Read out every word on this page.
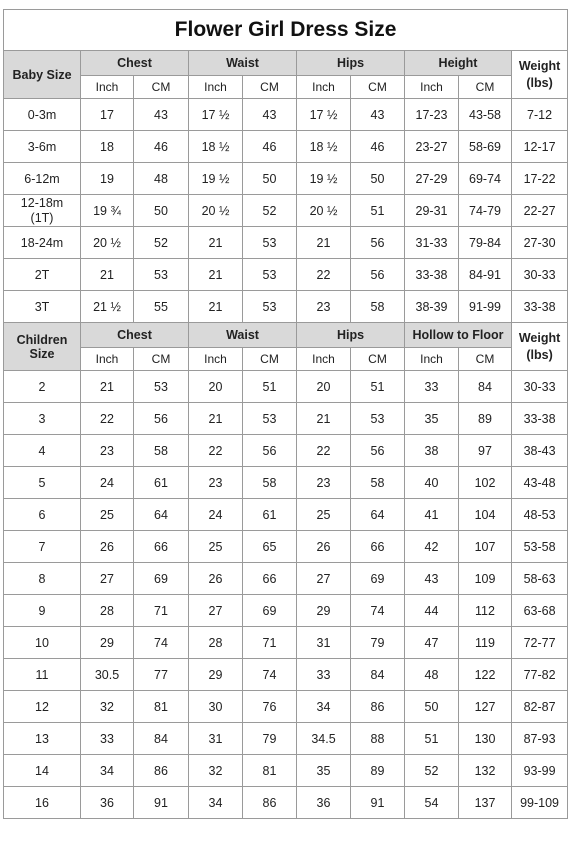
Flower Girl Dress Size									
Baby Size	Chest		Waist		Hips		Height		Weight
(lbs)
	Inch	CM	Inch	CM	Inch	CM	Inch	CM	
0-3m	17	43	17 ½	43	17 ½	43	17-23	43-58	7-12
3-6m	18	46	18 ½	46	18 ½	46	23-27	58-69	12-17
6-12m	19	48	19 ½	50	19 ½	50	27-29	69-74	17-22
12-18m
(1T)	19 ¾	50	20 ½	52	20 ½	51	29-31	74-79	22-27
18-24m	20 ½	52	21	53	21	56	31-33	79-84	27-30
2T	21	53	21	53	22	56	33-38	84-91	30-33
3T	21 ½	55	21	53	23	58	38-39	91-99	33-38
Children
Size	Chest		Waist		Hips		Hollow to Floor		Weight
(lbs)
	Inch	CM	Inch	CM	Inch	CM	Inch	CM	
2	21	53	20	51	20	51	33	84	30-33
3	22	56	21	53	21	53	35	89	33-38
4	23	58	22	56	22	56	38	97	38-43
5	24	61	23	58	23	58	40	102	43-48
6	25	64	24	61	25	64	41	104	48-53
7	26	66	25	65	26	66	42	107	53-58
8	27	69	26	66	27	69	43	109	58-63
9	28	71	27	69	29	74	44	112	63-68
10	29	74	28	71	31	79	47	119	72-77
11	30.5	77	29	74	33	84	48	122	77-82
12	32	81	30	76	34	86	50	127	82-87
13	33	84	31	79	34.5	88	51	130	87-93
14	34	86	32	81	35	89	52	132	93-99
16	36	91	34	86	36	91	54	137	99-109
